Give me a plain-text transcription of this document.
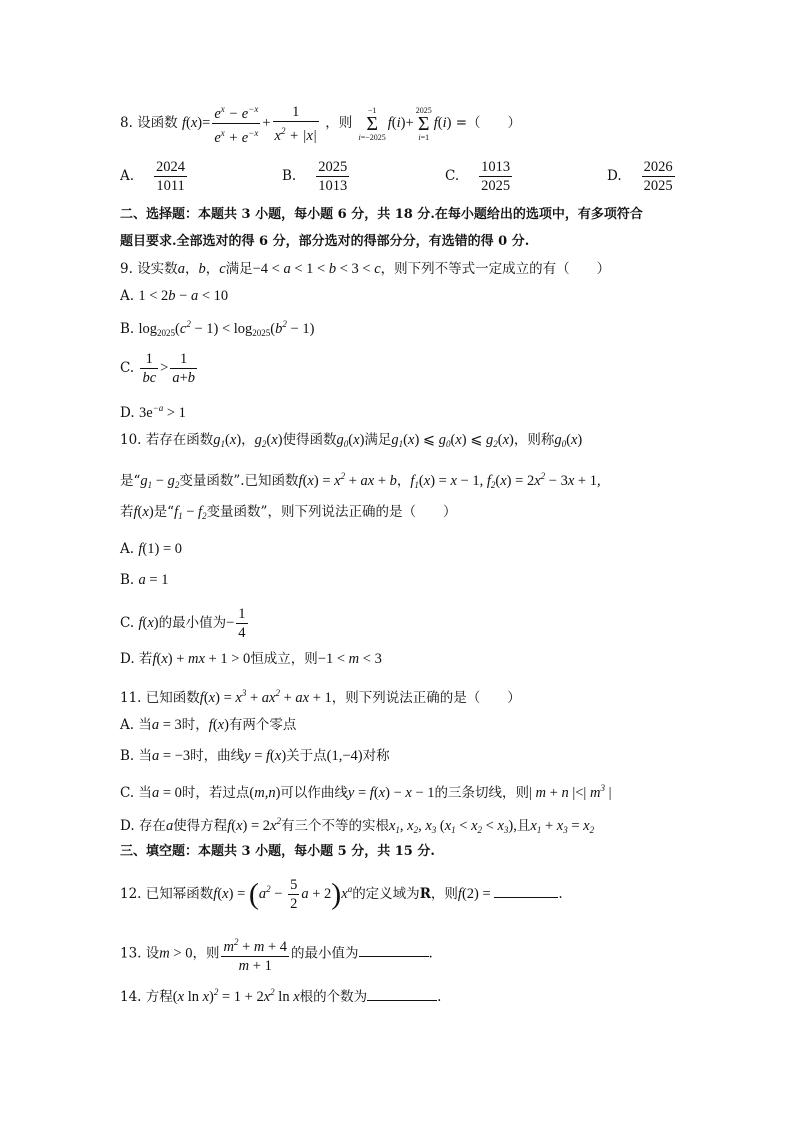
8. 设函数 $f(x)= \frac{e^x - e^{-x}}{e^x + e^{-x}} + \frac{1}{x^2 + |x|}$ ，则
−1
Σ
i=−2025
f(i)+
2025
Σ
i=1
f(i) =（　　）
A. $\frac{2024}{1011}$	B. $\frac{2025}{1013}$	C. $\frac{1013}{2025}$	D. $\frac{2026}{2025}$
二、选择题：本题共 3 小题，每小题 6 分，共 18 分.在每小题给出的选项中，有多项符合
题目要求.全部选对的得 6 分，部分选对的得部分分，有选错的得 0 分.
9. 设实数a，b，c满足−4 < a < 1 < b < 3 < c，则下列不等式一定成立的有（　　）
A. 1 < 2b − a < 10
B. $\log_{2025}(c^2 - 1) < \log_{2025}(b^2 - 1)$
C. $\frac{1}{bc} > \frac{1}{a+b}$
D. $3e^{-a} > 1$
10. 若存在函数$g_1(x)$，$g_2(x)$使得函数$g_0(x)$满足$g_1(x)$ ⩽ $g_0(x)$ ⩽ $g_2(x)$，则称$g_0(x)$
是“$g_1 - g_2$变量函数”.已知函数$f(x) = x^2$ + ax + b，$f_1(x) = x - 1$, $f_2(x) = 2x^2 - 3x + 1$,
若f(x)是“$f_1 - f_2$变量函数”，则下列说法正确的是（　　）
A. f(1) = 0
B. a = 1
C. f(x)的最小值为− $\frac{1}{4}$
D. 若f(x) + mx + 1 > 0恒成立，则−1 < m < 3
11. 已知函数$f(x) = x^3 + ax^2$ + ax + 1，则下列说法正确的是（　　）
A. 当a = 3时，f(x)有两个零点
B. 当a = −3时，曲线y = f(x)关于点(1,−4)对称
C. 当a = 0时，若过点(m,n)可以作曲线y = f(x) − x − 1的三条切线，则| m + n |<| $m^3$ |
D. 存在a使得方程$f(x) = 2x^2$有三个不等的实根$x_1$, $x_2$, $x_3$ $(x_1 < x_2 < x_3)$,且$x_1 + x_3 = x_2$
三、填空题：本题共 3 小题，每小题 5 分，共 15 分.
12. 已知幂函数$f(x) = (a^2 - \frac{5}{2}$ $a + 2)x^a$的定义域为R，则f(2) =	.
13. 设m > 0，则 $\frac{m^2 + m + 4}{m + 1}$ 的最小值为	.
14. 方程(x $\ln x)^2 = 1 + 2x^2$ ln x根的个数为	.
